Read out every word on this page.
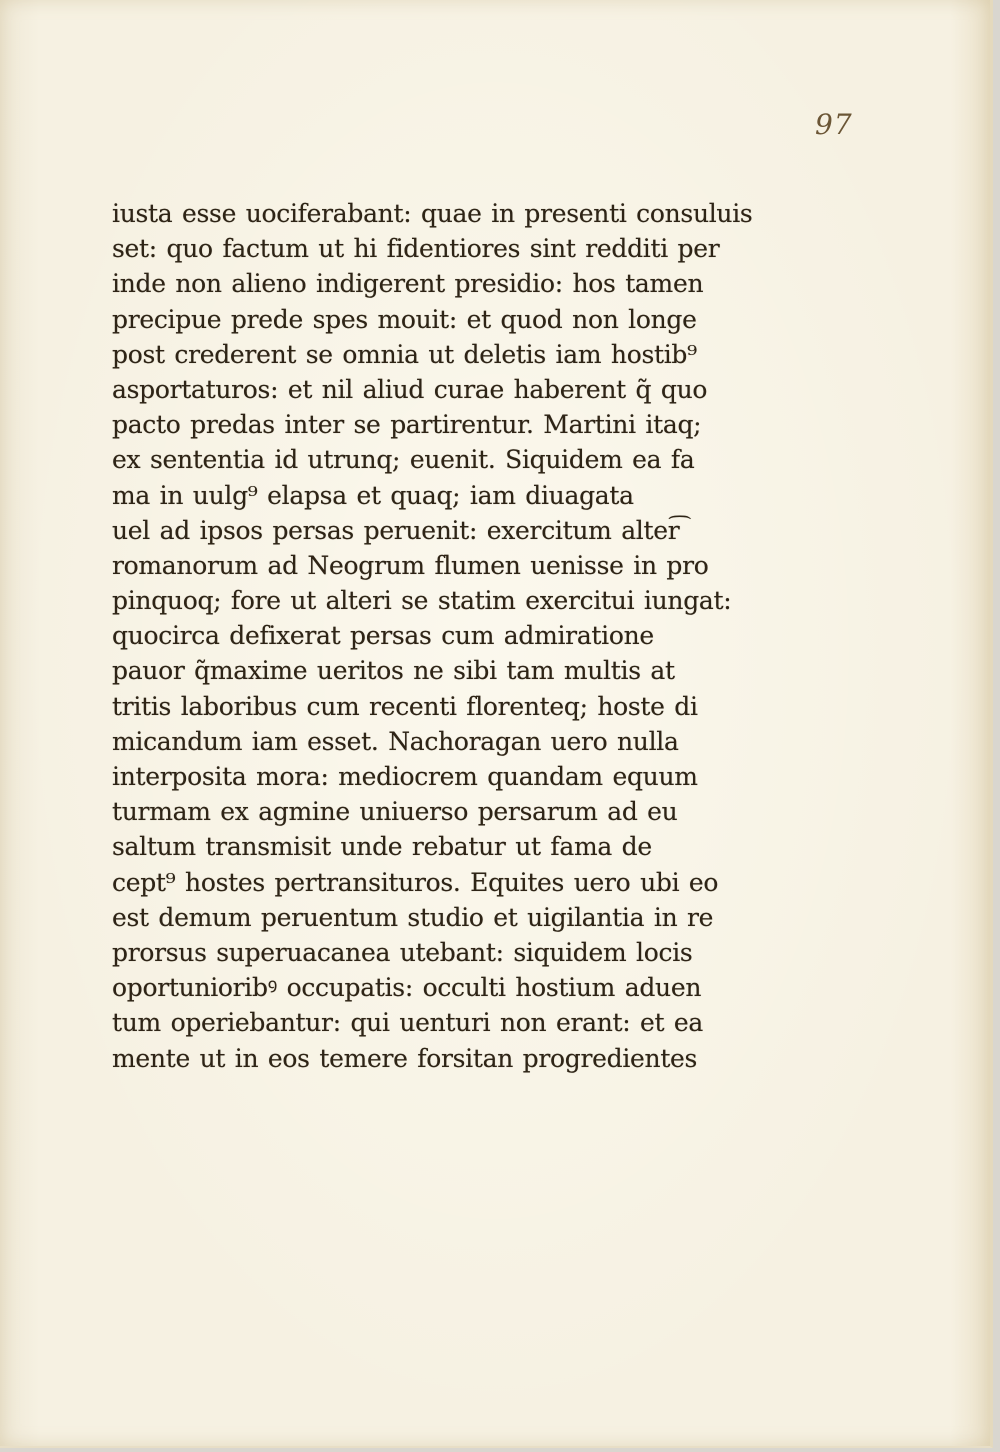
97
iusta esse uociferabant: quae in presenti consuluis
set: quo factum ut hi fidentiores sint redditi per
inde non alieno indigerent presidio: hos tamen
precipue prede spes mouit: et quod non longe
post crederent se omnia ut deletis iam hostib⁹
asportaturos: et nil aliud curae haberent q̃ quo
pacto predas inter se partirentur. Martini itaq;
ex sententia id utrunq; euenit. Siquidem ea fa
ma in uulg⁹ elapsa et quaq; iam diuagata
uel ad ipsos persas peruenit: exercitum alter͡
romanorum ad Neogrum flumen uenisse in pro
pinquoq; fore ut alteri se statim exercitui iungat:
quocirca defixerat persas cum admiratione
pauor q̃maxime ueritos ne sibi tam multis at
tritis laboribus cum recenti florenteq; hoste di
micandum iam esset. Nachoragan uero nulla
interposita mora: mediocrem quandam equum
turmam ex agmine uniuerso persarum ad eu
saltum transmisit unde rebatur ut fama de
cept⁹ hostes pertransituros. Equites uero ubi eo
est demum peruentum studio et uigilantia in re
prorsus superuacanea utebant: siquidem locis
oportunioribꝰ occupatis: occulti hostium aduen
tum operiebantur: qui uenturi non erant: et ea
mente ut in eos temere forsitan progredientes
